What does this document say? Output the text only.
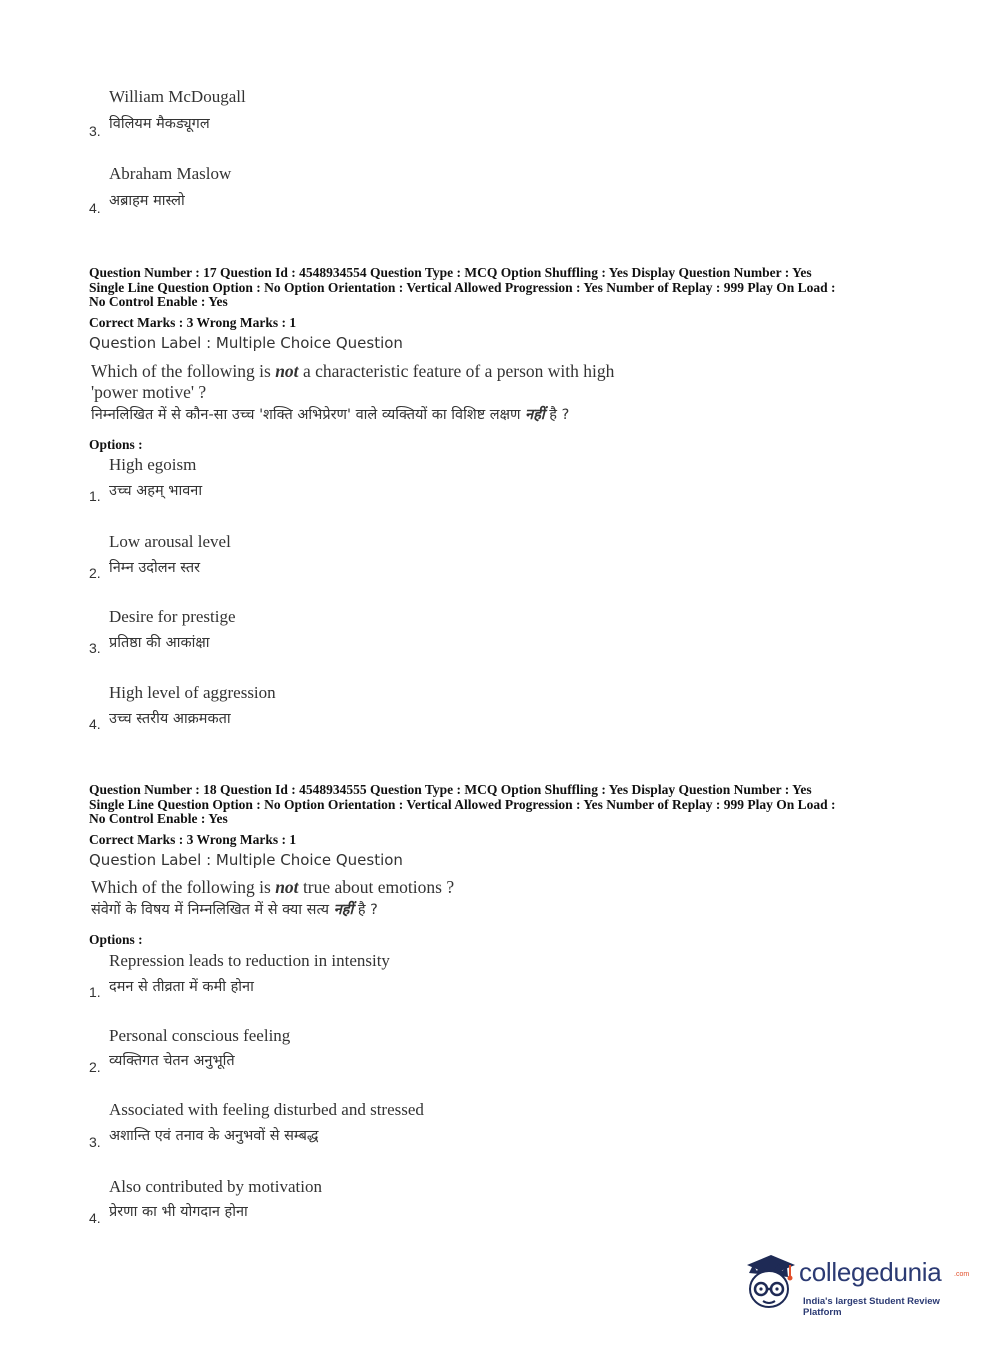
William McDougall
विलियम मैकड्यूगल
3.
Abraham Maslow
अब्राहम मास्लो
4.
Question Number : 17 Question Id : 4548934554 Question Type : MCQ Option Shuffling : Yes Display Question Number : Yes
Single Line Question Option : No Option Orientation : Vertical Allowed Progression : Yes Number of Replay : 999 Play On Load :
No Control Enable : Yes
Correct Marks : 3 Wrong Marks : 1
Question Label : Multiple Choice Question
Which of the following is not a characteristic feature of a person with high
'power motive' ?
निम्नलिखित में से कौन-सा उच्च 'शक्ति अभिप्रेरण' वाले व्यक्तियों का विशिष्ट लक्षण नहीं है ?
Options :
High egoism
उच्च अहम् भावना
1.
Low arousal level
निम्न उदोलन स्तर
2.
Desire for prestige
प्रतिष्ठा की आकांक्षा
3.
High level of aggression
उच्च स्तरीय आक्रमकता
4.
Question Number : 18 Question Id : 4548934555 Question Type : MCQ Option Shuffling : Yes Display Question Number : Yes
Single Line Question Option : No Option Orientation : Vertical Allowed Progression : Yes Number of Replay : 999 Play On Load :
No Control Enable : Yes
Correct Marks : 3 Wrong Marks : 1
Question Label : Multiple Choice Question
Which of the following is not true about emotions ?
संवेगों के विषय में निम्नलिखित में से क्या सत्य नहीं है ?
Options :
Repression leads to reduction in intensity
दमन से तीव्रता में कमी होना
1.
Personal conscious feeling
व्यक्तिगत चेतन अनुभूति
2.
Associated with feeling disturbed and stressed
अशान्ति एवं तनाव के अनुभवों से सम्बद्ध
3.
Also contributed by motivation
प्रेरणा का भी योगदान होना
4.
collegedunia .com
India's largest Student Review Platform
